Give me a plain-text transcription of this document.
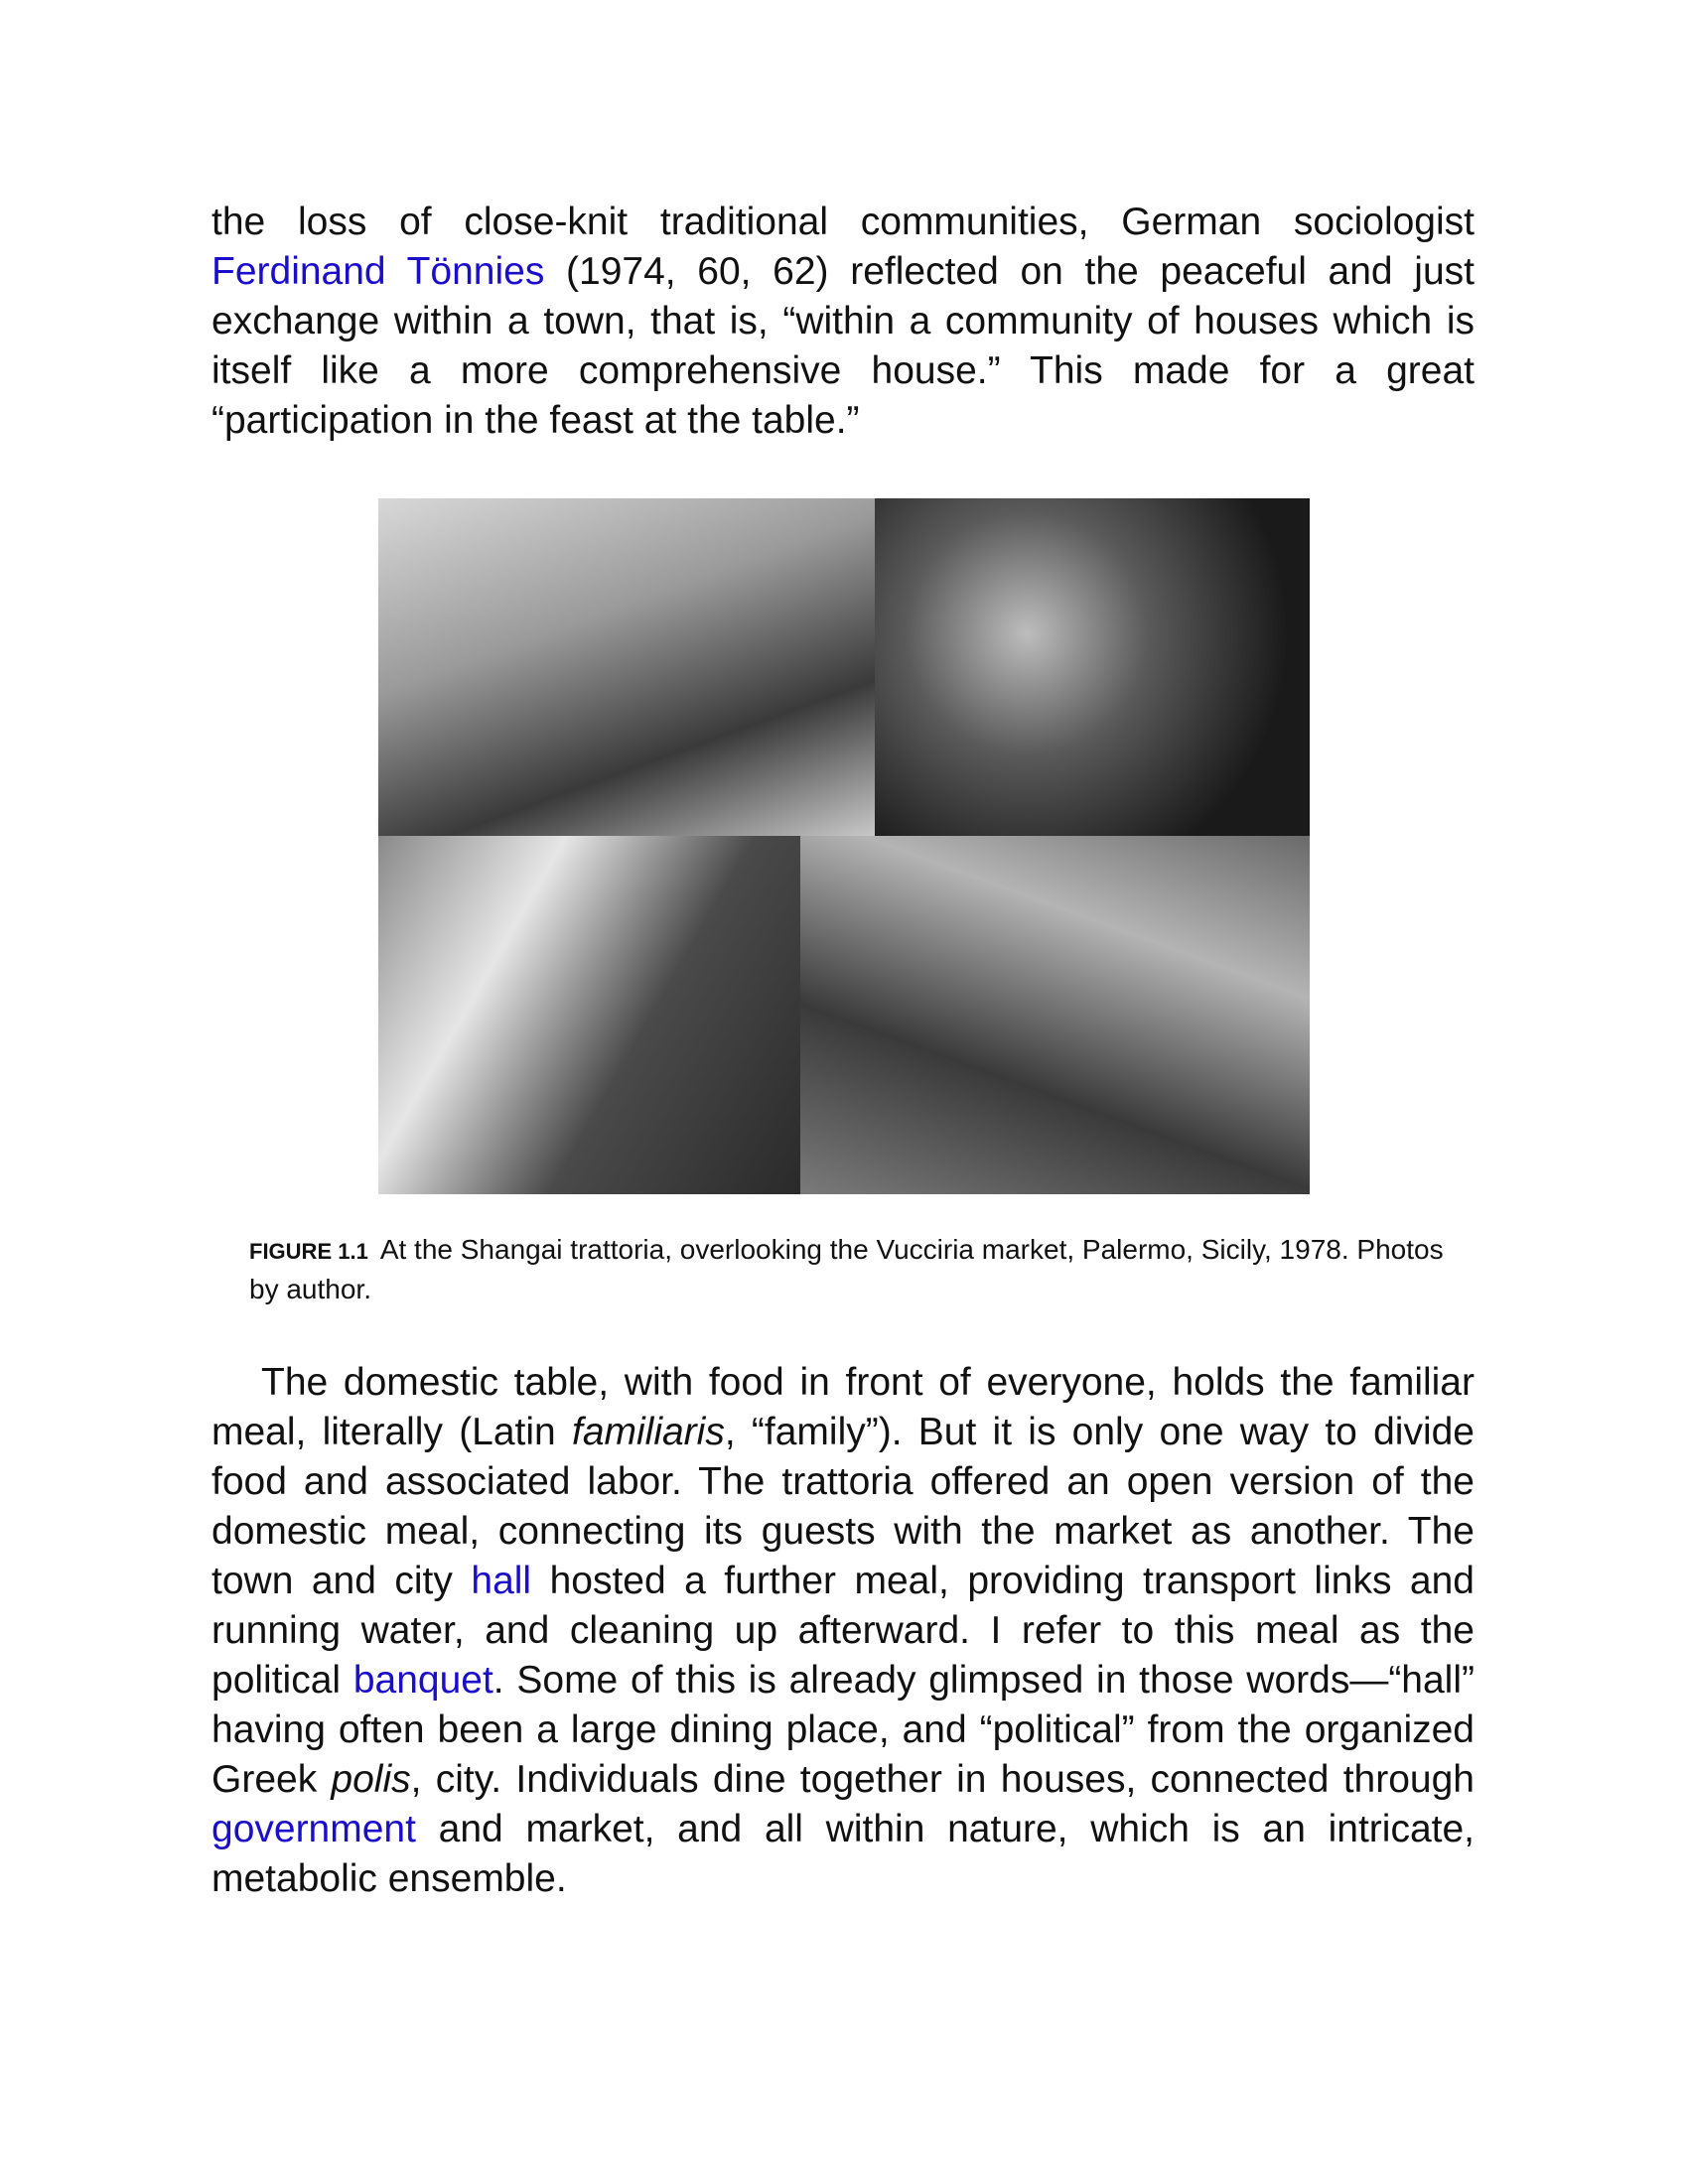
the loss of close-knit traditional communities, German sociologist Ferdinand Tönnies (1974, 60, 62) reflected on the peaceful and just exchange within a town, that is, “within a community of houses which is itself like a more comprehensive house.” This made for a great “participation in the feast at the table.”

FIGURE 1.1 At the Shangai trattoria, overlooking the Vucciria market, Palermo, Sicily, 1978. Photos by author.

The domestic table, with food in front of everyone, holds the familiar meal, literally (Latin familiaris, “family”). But it is only one way to divide food and associated labor. The trattoria offered an open version of the domestic meal, connecting its guests with the market as another. The town and city hall hosted a further meal, providing transport links and running water, and cleaning up afterward. I refer to this meal as the political banquet. Some of this is already glimpsed in those words—“hall” having often been a large dining place, and “political” from the organized Greek polis, city. Individuals dine together in houses, connected through government and market, and all within nature, which is an intricate, metabolic ensemble.
